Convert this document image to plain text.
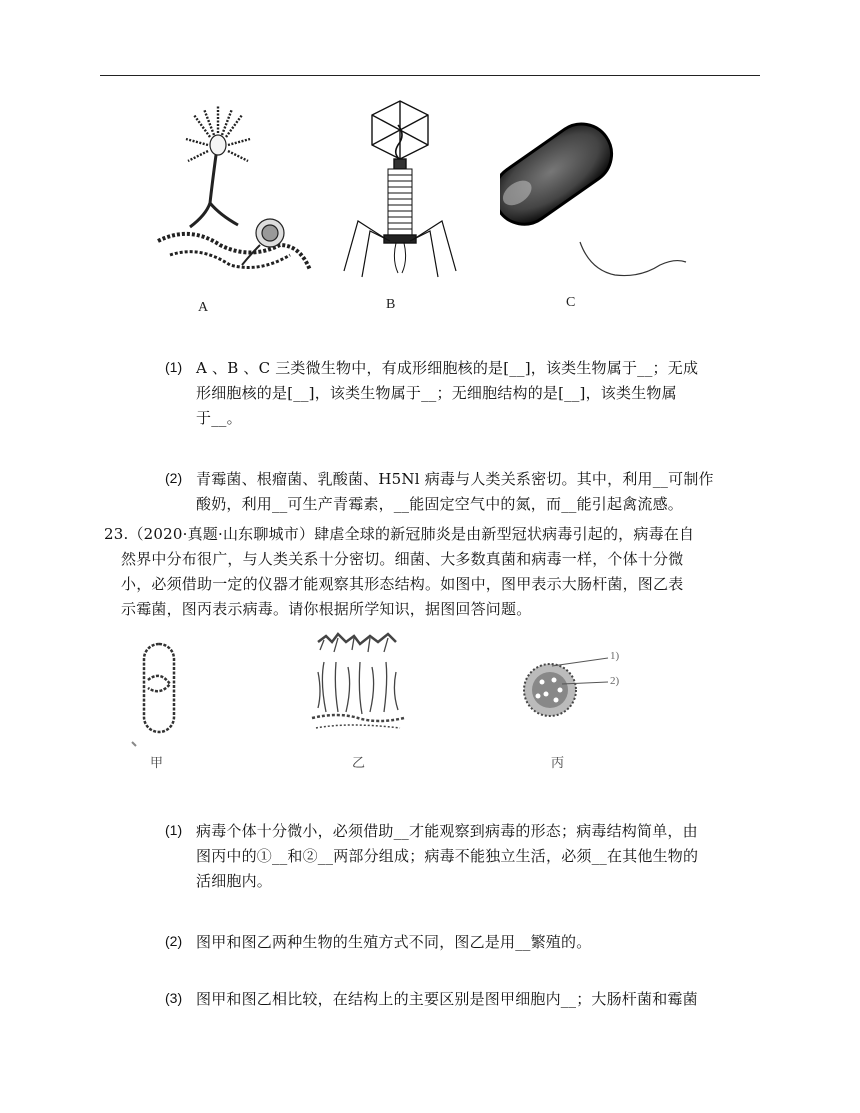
A	B	C
(1) A 、B 、C 三类微生物中，有成形细胞核的是[__]，该类生物属于__；无成
形细胞核的是[__]，该类生物属于__；无细胞结构的是[__]，该类生物属
于__。
(2) 青霉菌、根瘤菌、乳酸菌、H5Nl 病毒与人类关系密切。其中，利用__可制作
酸奶，利用__可生产青霉素，__能固定空气中的氮，而__能引起禽流感。
23.（2020·真题·山东聊城市）肆虐全球的新冠肺炎是由新型冠状病毒引起的，病毒在自
然界中分布很广，与人类关系十分密切。细菌、大多数真菌和病毒一样，个体十分微
小，必须借助一定的仪器才能观察其形态结构。如图中，图甲表示大肠杆菌，图乙表
示霉菌，图丙表示病毒。请你根据所学知识，据图回答问题。
甲	乙
1)
2)
丙
(1) 病毒个体十分微小，必须借助__才能观察到病毒的形态；病毒结构简单，由
图丙中的①__和②__两部分组成；病毒不能独立生活，必须__在其他生物的
活细胞内。
(2) 图甲和图乙两种生物的生殖方式不同，图乙是用__繁殖的。
(3) 图甲和图乙相比较，在结构上的主要区别是图甲细胞内__；大肠杆菌和霉菌
